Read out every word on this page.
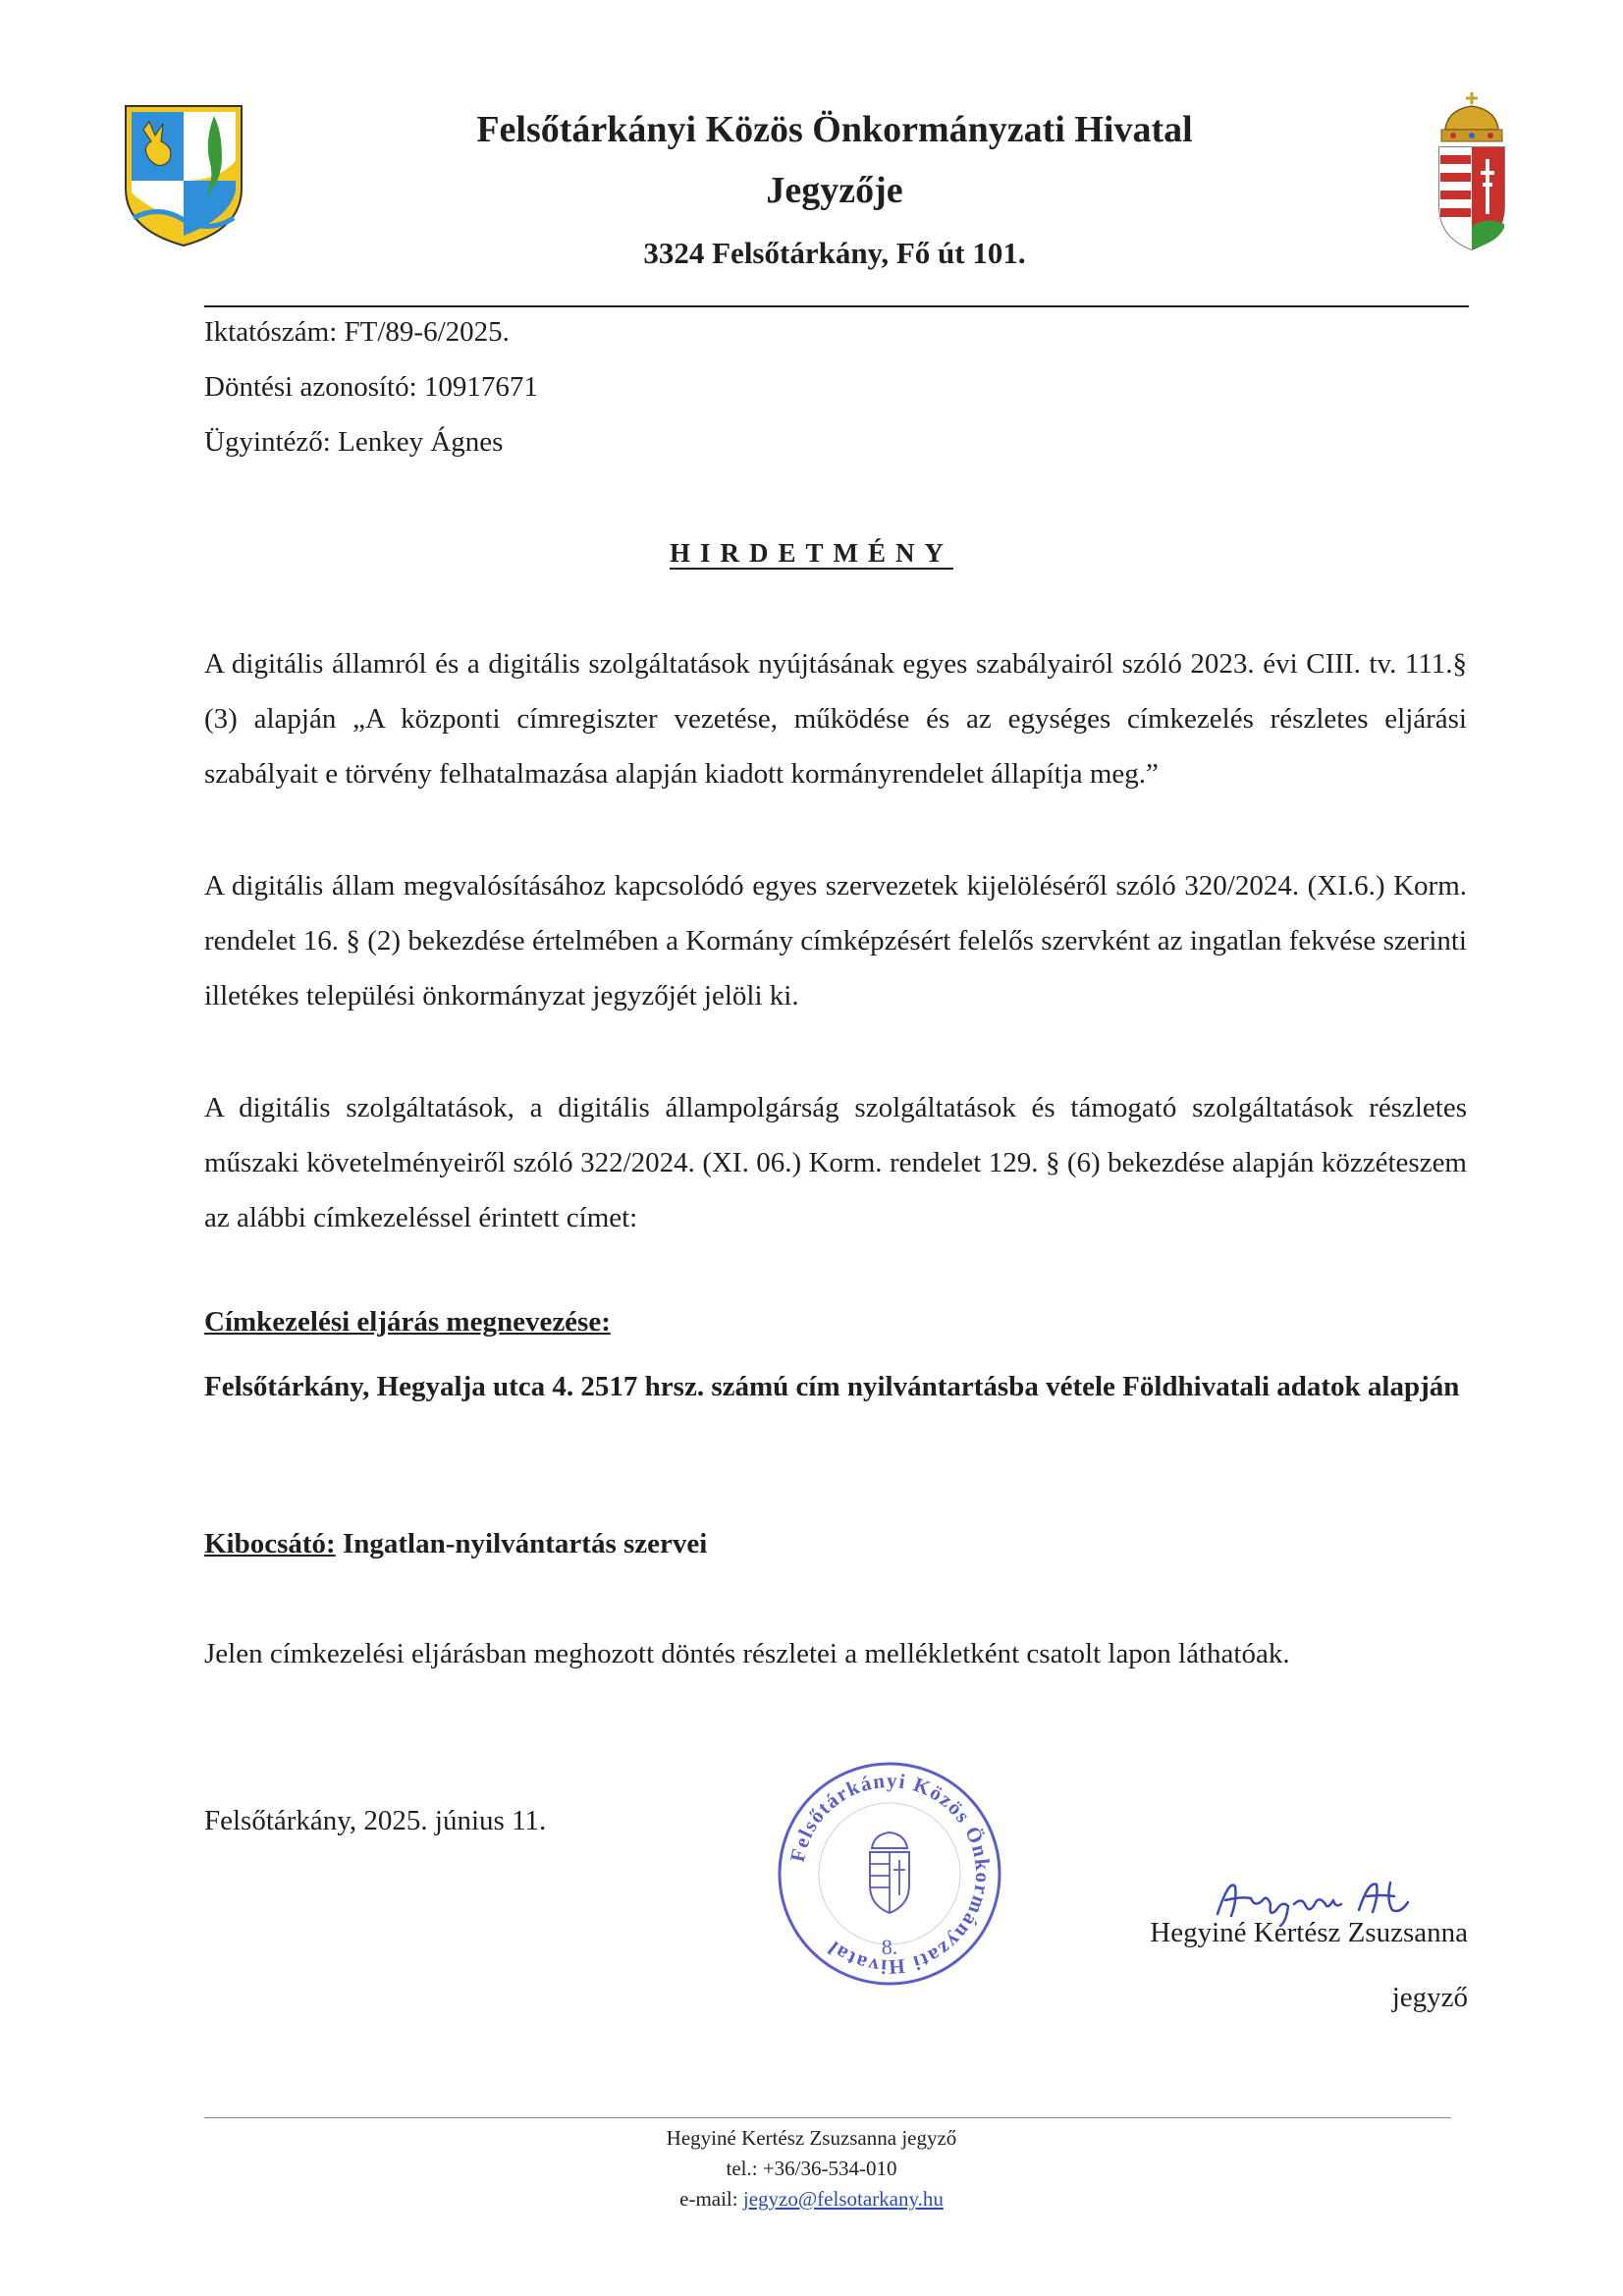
Felsőtárkányi Közös Önkormányzati Hivatal
Jegyzője
3324 Felsőtárkány, Fő út 101.
Iktatószám: FT/89-6/2025.
Döntési azonosító: 10917671
Ügyintéző: Lenkey Ágnes
HIRDETMÉNY

A digitális államról és a digitális szolgáltatások nyújtásának egyes szabályairól szóló 2023. évi CIII. tv. 111.§ (3) alapján „A központi címregiszter vezetése, működése és az egységes címkezelés részletes eljárási szabályait e törvény felhatalmazása alapján kiadott kormányrendelet állapítja meg.”

A digitális állam megvalósításához kapcsolódó egyes szervezetek kijelöléséről szóló 320/2024. (XI.6.) Korm. rendelet 16. § (2) bekezdése értelmében a Kormány címképzésért felelős szervként az ingatlan fekvése szerinti illetékes települési önkormányzat jegyzőjét jelöli ki.

A digitális szolgáltatások, a digitális állampolgárság szolgáltatások és támogató szolgáltatások részletes műszaki követelményeiről szóló 322/2024. (XI. 06.) Korm. rendelet 129. § (6) bekezdése alapján közzéteszem az alábbi címkezeléssel érintett címet:

Címkezelési eljárás megnevezése:

Felsőtárkány, Hegyalja utca 4. 2517 hrsz. számú cím nyilvántartásba vétele Földhivatali adatok alapján

Kibocsátó: Ingatlan-nyilvántartás szervei
Jelen címkezelési eljárásban meghozott döntés részletei a mellékletként csatolt lapon láthatóak.
Felsőtárkány, 2025. június 11.
Felsőtárkányi Közös Önkormányzati Hivatal	8.	Hegyiné Kertész Zsuzsanna
jegyző
Hegyiné Kertész Zsuzsanna jegyző
tel.: +36/36-534-010
e-mail: jegyzo@felsotarkany.hu
